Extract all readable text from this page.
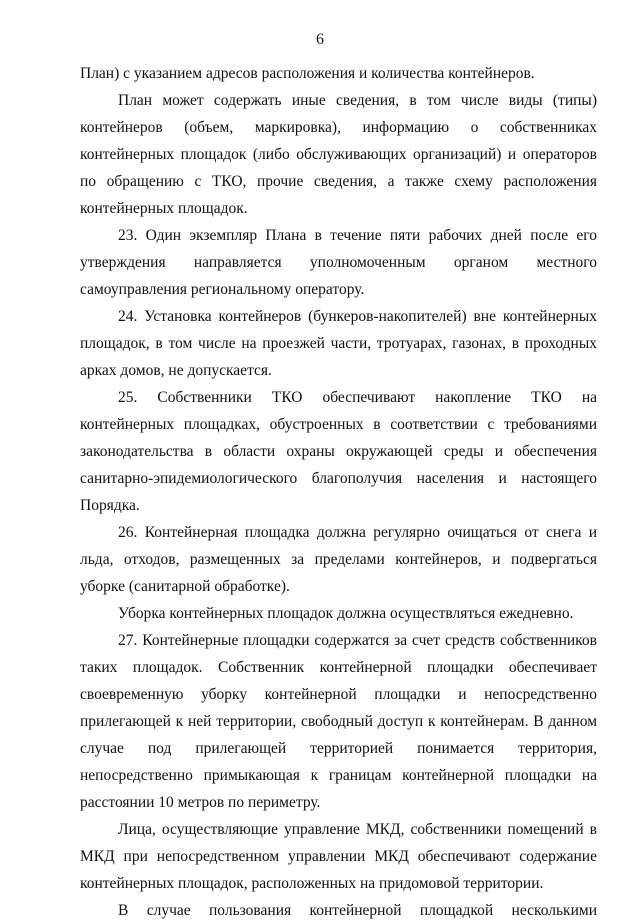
6

План) с указанием адресов расположения и количества контейнеров.

План может содержать иные сведения, в том числе виды (типы) контейнеров (объем, маркировка), информацию о собственниках контейнерных площадок (либо обслуживающих организаций) и операторов по обращению с ТКО, прочие сведения, а также схему расположения контейнерных площадок.

23. Один экземпляр Плана в течение пяти рабочих дней после его утверждения направляется уполномоченным органом местного самоуправления региональному оператору.

24. Установка контейнеров (бункеров-накопителей) вне контейнерных площадок, в том числе на проезжей части, тротуарах, газонах, в проходных арках домов, не допускается.

25. Собственники ТКО обеспечивают накопление ТКО на контейнерных площадках, обустроенных в соответствии с требованиями законодательства в области охраны окружающей среды и обеспечения санитарно-эпидемиологического благополучия населения и настоящего Порядка.

26. Контейнерная площадка должна регулярно очищаться от снега и льда, отходов, размещенных за пределами контейнеров, и подвергаться уборке (санитарной обработке).

Уборка контейнерных площадок должна осуществляться ежедневно.

27. Контейнерные площадки содержатся за счет средств собственников таких площадок. Собственник контейнерной площадки обеспечивает своевременную уборку контейнерной площадки и непосредственно прилегающей к ней территории, свободный доступ к контейнерам. В данном случае под прилегающей территорией понимается территория, непосредственно примыкающая к границам контейнерной площадки на расстоянии 10 метров по периметру.

Лица, осуществляющие управление МКД, собственники помещений в МКД при непосредственном управлении МКД обеспечивают содержание контейнерных площадок, расположенных на придомовой территории.

В случае пользования контейнерной площадкой несколькими
